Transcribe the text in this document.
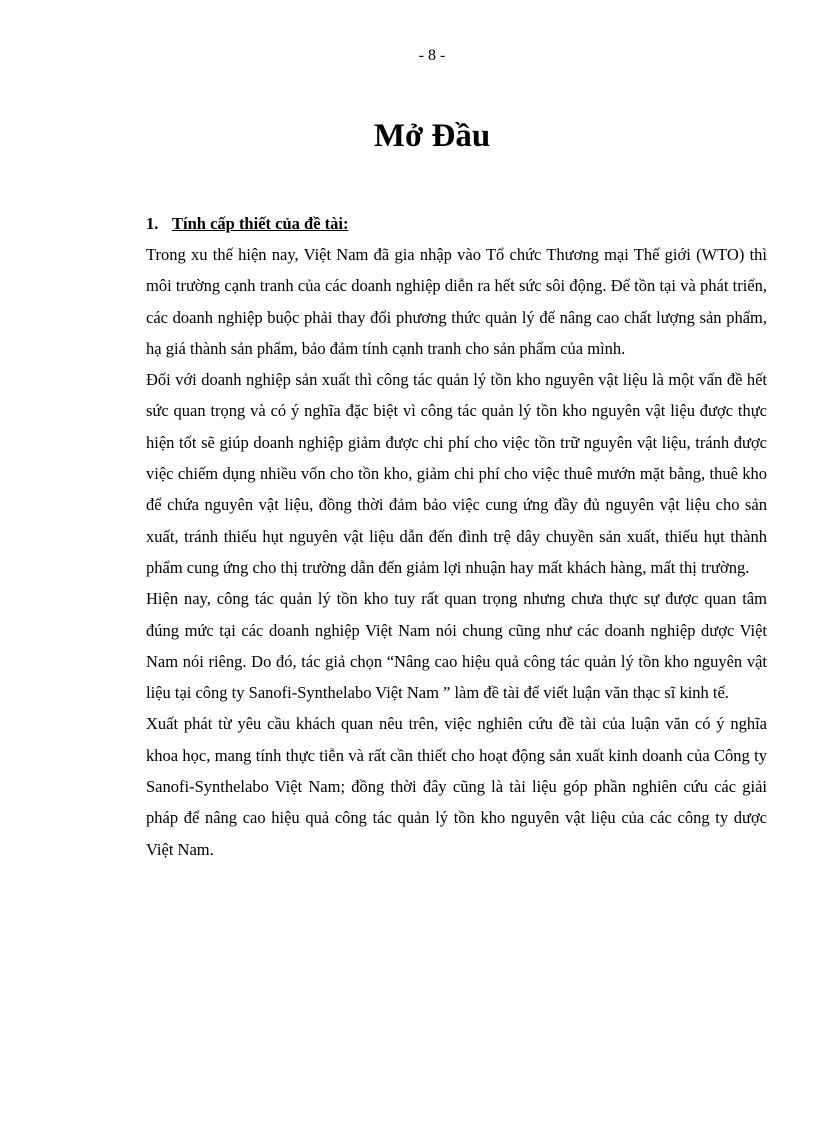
- 8 -
Mở Đầu
1. Tính cấp thiết của đề tài:

Trong xu thế hiện nay, Việt Nam đã gia nhập vào Tổ chức Thương mại Thế giới (WTO) thì môi trường cạnh tranh của các doanh nghiệp diễn ra hết sức sôi động. Để tồn tại và phát triển, các doanh nghiệp buộc phải thay đổi phương thức quản lý để nâng cao chất lượng sản phẩm, hạ giá thành sản phẩm, bảo đảm tính cạnh tranh cho sản phẩm của mình.

Đối với doanh nghiệp sản xuất thì công tác quản lý tồn kho nguyên vật liệu là một vấn đề hết sức quan trọng và có ý nghĩa đặc biệt vì công tác quản lý tồn kho nguyên vật liệu được thực hiện tốt sẽ giúp doanh nghiệp giảm được chi phí cho việc tồn trữ nguyên vật liệu, tránh được việc chiếm dụng nhiều vốn cho tồn kho, giảm chi phí cho việc thuê mướn mặt bằng, thuê kho để chứa nguyên vật liệu, đồng thời đảm bảo việc cung ứng đầy đủ nguyên vật liệu cho sản xuất, tránh thiếu hụt nguyên vật liệu dẫn đến đình trệ dây chuyền sản xuất, thiếu hụt thành phẩm cung ứng cho thị trường dẫn đến giảm lợi nhuận hay mất khách hàng, mất thị trường.

Hiện nay, công tác quản lý tồn kho tuy rất quan trọng nhưng chưa thực sự được quan tâm đúng mức tại các doanh nghiệp Việt Nam nói chung cũng như các doanh nghiệp dược Việt Nam nói riêng. Do đó, tác giả chọn “Nâng cao hiệu quả công tác quản lý tồn kho nguyên vật liệu tại công ty Sanofi-Synthelabo Việt Nam ” làm đề tài để viết luận văn thạc sĩ kinh tế.

Xuất phát từ yêu cầu khách quan nêu trên, việc nghiên cứu đề tài của luận văn có ý nghĩa khoa học, mang tính thực tiễn và rất cần thiết cho hoạt động sản xuất kinh doanh của Công ty Sanofi-Synthelabo Việt Nam; đồng thời đây cũng là tài liệu góp phần nghiên cứu các giải pháp để nâng cao hiệu quả công tác quản lý tồn kho nguyên vật liệu của các công ty dược Việt Nam.
